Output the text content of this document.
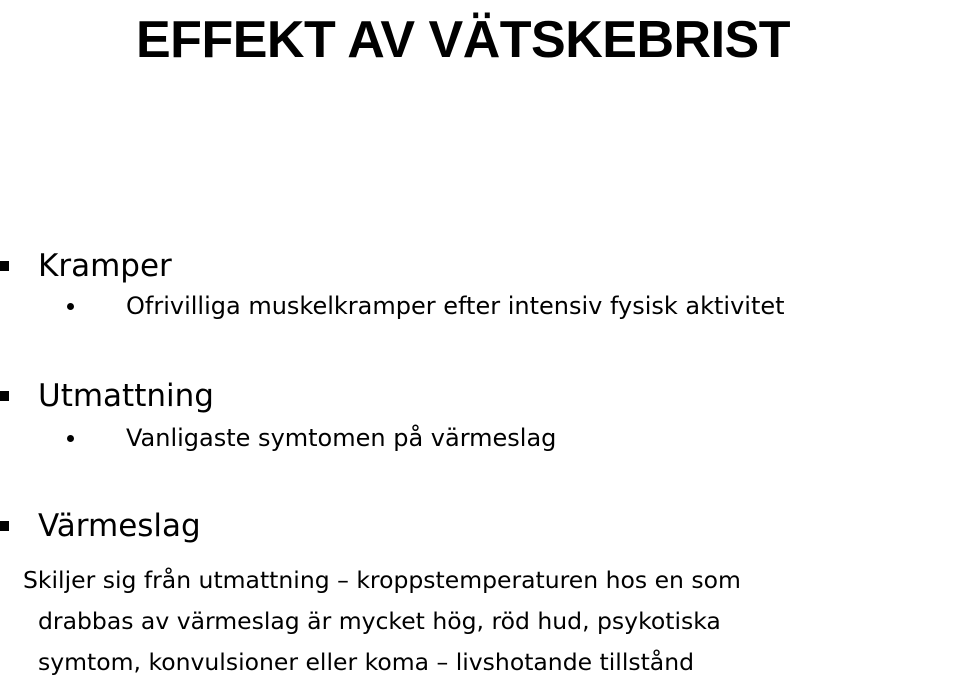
EFFEKT AV VÄTSKEBRIST
Kramper
Ofrivilliga muskelkramper efter intensiv fysisk aktivitet
Utmattning
Vanligaste symtomen på värmeslag
Värmeslag
Skiljer sig från utmattning – kroppstemperaturen hos en som
drabbas av värmeslag är mycket hög, röd hud, psykotiska
symtom, konvulsioner eller koma – livshotande tillstånd
